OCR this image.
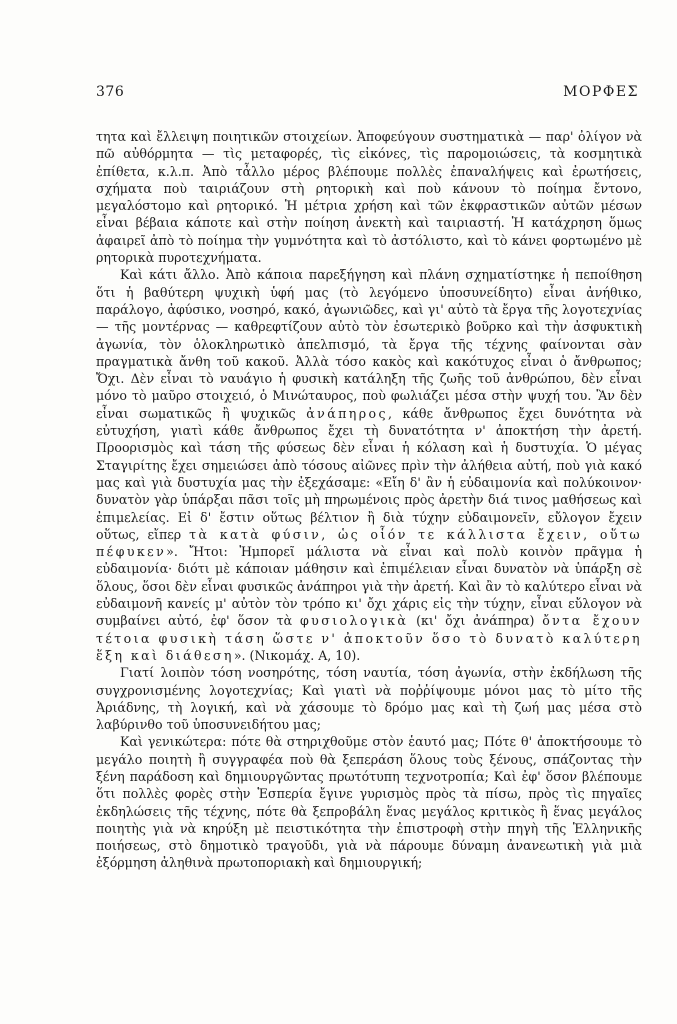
376	ΜΟΡΦΕΣ

τητα καὶ ἔλλειψη ποιητικῶν στοιχείων. Ἀποφεύγουν συστηματικὰ — παρ' ὀλίγον νὰ πῶ αὐθόρμητα — τὶς μεταφορές, τὶς εἰκόνες, τὶς παρομοιώσεις, τὰ κοσμητικὰ ἐπίθετα, κ.λ.π. Ἀπὸ τἆλλο μέρος βλέπουμε πολλὲς ἐπαναλήψεις καὶ ἐρωτήσεις, σχήματα ποὺ ταιριάζουν στὴ ρητορικὴ καὶ ποὺ κάνουν τὸ ποίημα ἔντονο, μεγαλόστομο καὶ ρητορικό. Ἡ μέτρια χρήση καὶ τῶν ἐκφραστικῶν αὐτῶν μέσων εἶναι βέβαια κάποτε καὶ στὴν ποίηση ἀνεκτὴ καὶ ταιριαστή. Ἡ κατάχρηση ὅμως ἀφαιρεῖ ἀπὸ τὸ ποίημα τὴν γυμνότητα καὶ τὸ ἀστόλιστο, καὶ τὸ κάνει φορτωμένο μὲ ρητορικὰ πυροτεχνήματα.

Καὶ κάτι ἄλλο. Ἀπὸ κάποια παρεξήγηση καὶ πλάνη σχηματίστηκε ἡ πεποίθηση ὅτι ἡ βαθύτερη ψυχικὴ ὑφή μας (τὸ λεγόμενο ὑποσυνείδητο) εἶναι ἀνήθικο, παράλογο, ἀφύσικο, νοσηρό, κακό, ἀγωνιῶδες, καὶ γι' αὐτὸ τὰ ἔργα τῆς λογοτεχνίας — τῆς μοντέρνας — καθρεφτίζουν αὐτὸ τὸν ἐσωτερικὸ βοῦρκο καὶ τὴν ἀσφυκτικὴ ἀγωνία, τὸν ὁλοκληρωτικὸ ἀπελπισμό, τὰ ἔργα τῆς τέχνης φαίνονται σὰν πραγματικὰ ἄνθη τοῦ κακοῦ. Ἀλλὰ τόσο κακὸς καὶ κακότυχος εἶναι ὁ ἄνθρωπος; Ὄχι. Δὲν εἶναι τὸ ναυάγιο ἡ φυσικὴ κατάληξη τῆς ζωῆς τοῦ ἀνθρώπου, δὲν εἶναι μόνο τὸ μαῦρο στοιχειό, ὁ Μινώταυρος, ποὺ φωλιάζει μέσα στὴν ψυχή του. Ἂν δὲν εἶναι σωματικῶς ἢ ψυχικῶς ἀνάπηρος, κάθε ἄνθρωπος ἔχει δυνότητα νὰ εὐτυχήση, γιατὶ κάθε ἄνθρωπος ἔχει τὴ δυνατότητα ν' ἀποκτήση τὴν ἀρετή. Προορισμὸς καὶ τάση τῆς φύσεως δὲν εἶναι ἡ κόλαση καὶ ἡ δυστυχία. Ὁ μέγας Σταγιρίτης ἔχει σημειώσει ἀπὸ τόσους αἰῶνες πρὶν τὴν ἀλήθεια αὐτή, ποὺ γιὰ κακό μας καὶ γιὰ δυστυχία μας τὴν ἐξεχάσαμε: «Εἴη δ' ἂν ἡ εὐδαιμονία καὶ πολύκοινον· δυνατὸν γὰρ ὑπάρξαι πᾶσι τοῖς μὴ πηρωμένοις πρὸς ἀρετὴν διά τινος μαθήσεως καὶ ἐπιμελείας. Εἰ δ' ἔστιν οὕτως βέλτιον ἢ διὰ τύχην εὐδαιμονεῖν, εὔλογον ἔχειν οὕτως, εἴπερ τὰ κατὰ φύσιν, ὡς οἷόν τε κάλλιστα ἔχειν, οὕτω πέφυκεν». Ἤτοι: Ἠμπορεῖ μάλιστα νὰ εἶναι καὶ πολὺ κοινὸν πρᾶγμα ἡ εὐδαιμονία· διότι μὲ κάποιαν μάθησιν καὶ ἐπιμέλειαν εἶναι δυνατὸν νὰ ὑπάρξη σὲ ὅλους, ὅσοι δὲν εἶναι φυσικῶς ἀνάπηροι γιὰ τὴν ἀρετή. Καὶ ἂν τὸ καλύτερο εἶναι νὰ εὐδαιμονῆ κανείς μ' αὐτὸν τὸν τρόπο κι' ὄχι χάρις εἰς τὴν τύχην, εἶναι εὔλογον νὰ συμβαίνει αὐτό, ἐφ' ὅσον τὰ φυσιολογικὰ (κι' ὄχι ἀνάπηρα) ὄντα ἔχουν τέτοια φυσικὴ τάση ὥστε ν' ἀποκτοῦν ὅσο τὸ δυνατὸ καλύτερη ἕξη καὶ διάθεση». (Νικομάχ. Α, 10).

Γιατί λοιπὸν τόση νοσηρότης, τόση ναυτία, τόση ἀγωνία, στὴν ἐκδήλωση τῆς συγχρονισμένης λογοτεχνίας; Καὶ γιατὶ νὰ ποῤῥίψουμε μόνοι μας τὸ μίτο τῆς Ἀριάδνης, τὴ λογική, καὶ νὰ χάσουμε τὸ δρόμο μας καὶ τὴ ζωή μας μέσα στὸ λαβύρινθο τοῦ ὑποσυνειδήτου μας;

Καὶ γενικώτερα: πότε θὰ στηριχθοῦμε στὸν ἑαυτό μας; Πότε θ' ἀποκτήσουμε τὸ μεγάλο ποιητὴ ἢ συγγραφέα ποὺ θὰ ξεπεράση ὅλους τοὺς ξένους, σπάζοντας τὴν ξένη παράδοση καὶ δημιουργῶντας πρωτότυπη τεχνοτροπία; Καὶ ἐφ' ὅσον βλέπουμε ὅτι πολλὲς φορὲς στὴν Ἑσπερία ἔγινε γυρισμὸς πρὸς τὰ πίσω, πρὸς τὶς πηγαῖες ἐκδηλώσεις τῆς τέχνης, πότε θὰ ξεπροβάλη ἕνας μεγάλος κριτικὸς ἢ ἕνας μεγάλος ποιητὴς γιὰ νὰ κηρύξη μὲ πειστικότητα τὴν ἐπιστροφὴ στὴν πηγὴ τῆς Ἑλληνικῆς ποιήσεως, στὸ δημοτικὸ τραγοῦδι, γιὰ νὰ πάρουμε δύναμη ἀνανεωτικὴ γιὰ μιὰ ἐξόρμηση ἀληθινὰ πρωτοποριακὴ καὶ δημιουργική;
